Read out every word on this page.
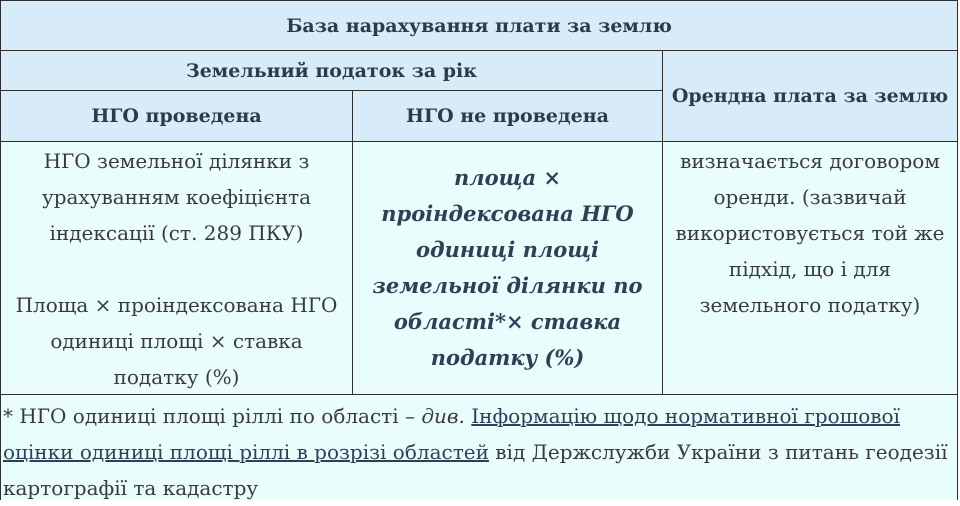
База нарахування плати за землю
Земельний податок за рік
Орендна плата за землю
НГО проведена	НГО не проведена
НГО земельної ділянки з урахуванням коефіцієнта індексації (ст. 289 ПКУ)
Площа × проіндексована НГО одиниці площі × ставка податку (%)
площа × проіндексована НГО одиниці площі земельної ділянки по області*× ставка податку (%)
визначається договором оренди. (зазвичай використовується той же підхід, що і для земельного податку)
* НГО одиниці площі ріллі по області – див. Інформацію щодо нормативної грошової оцінки одиниці площі ріллі в розрізі областей від Держслужби України з питань геодезії картографії та кадастру
